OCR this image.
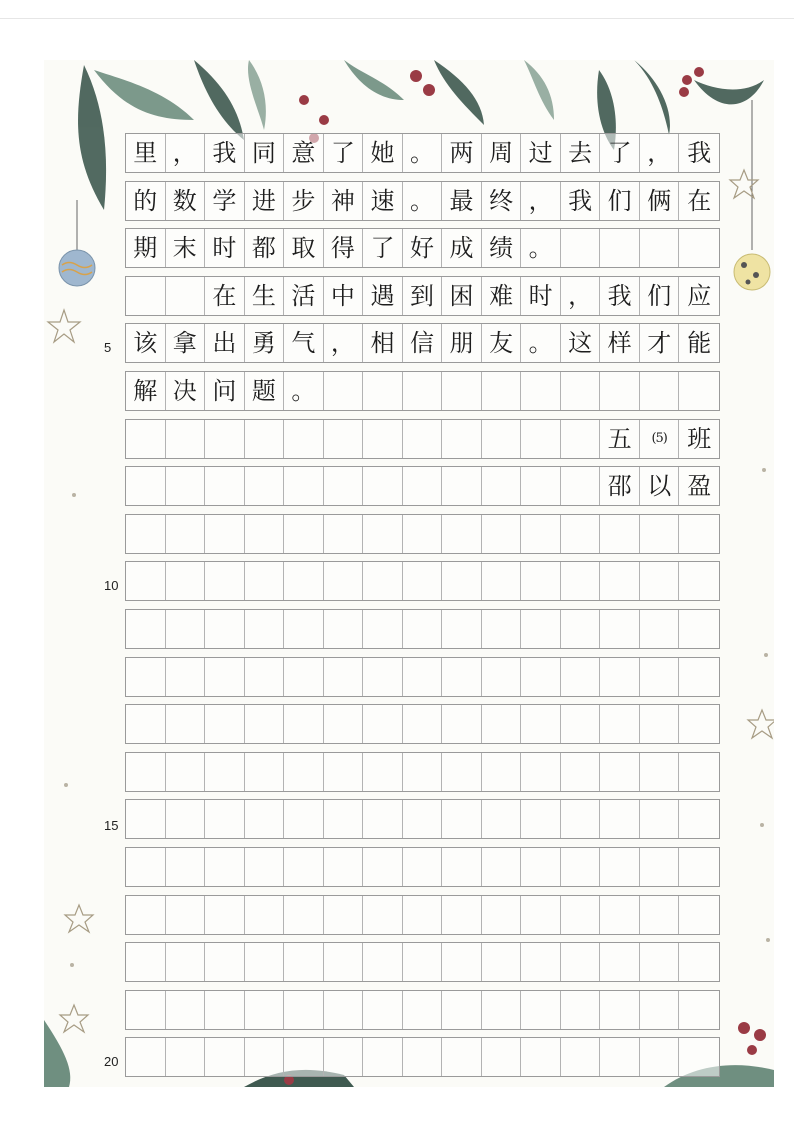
里 ， 我 同 意 了 她 。 两 周 过 去 了 ， 我
的 数 学 进 步 神 速 。 最 终 ， 我 们 俩 在
期 末 时 都 取 得 了 好 成 绩 。
在 生 活 中 遇 到 困 难 时 ， 我 们 应
该 拿 出 勇 气 ， 相 信 朋 友 。 这 样 才 能
解 决 问 题 。
五	(5) 班
邵 以 盈
5
10
15
20
